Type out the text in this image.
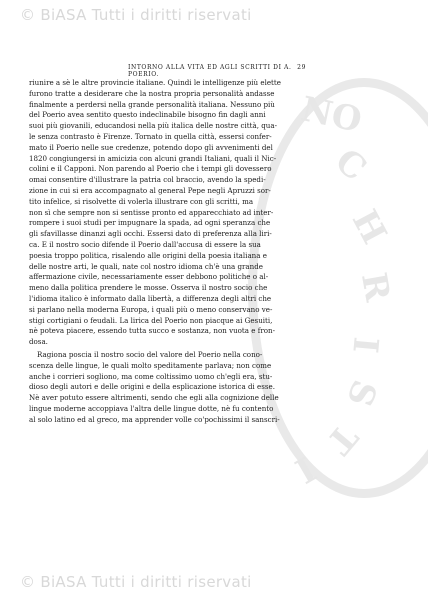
© BiASA Tutti i diritti riservati
NO
C
H
R
I
S
T
I
INTORNO ALLA VITA ED AGLI SCRITTI DI A. POERIO.
29

riunire a sè le altre provincie italiane. Quindi le intelligenze più elette
furono tratte a desiderare che la nostra propria personalità andasse
finalmente a perdersi nella grande personalità italiana. Nessuno più
del Poerio avea sentito questo indeclinabile bisogno fin dagli anni
suoi più giovanili, educandosi nella più italica delle nostre città, qua-
le senza contrasto è Firenze. Tornato in quella città, essersi confer-
mato il Poerio nelle sue credenze, potendo dopo gli avvenimenti del
1820 congiungersi in amicizia con alcuni grandi Italiani, quali il Nic-
colini e il Capponi. Non parendo al Poerio che i tempi gli dovessero
omai consentire d'illustrare la patria col braccio, avendo la spedi-
zione in cui si era accompagnato al general Pepe negli Apruzzi sor-
tito infelice, si risolvette di volerla illustrare con gli scritti, ma
non sì che sempre non si sentisse pronto ed apparecchiato ad inter-
rompere i suoi studi per impugnare la spada, ad ogni speranza che
gli sfavillasse dinanzi agli occhi. Essersi dato di preferenza alla liri-
ca. E il nostro socio difende il Poerio dall'accusa di essere la sua
poesia troppo politica, risalendo alle origini della poesia italiana e
delle nostre arti, le quali, nate col nostro idioma ch'è una grande
affermazione civile, necessariamente esser debbono politiche o al-
meno dalla politica prendere le mosse. Osserva il nostro socio che
l'idioma italico è informato dalla libertà, a differenza degli altri che
si parlano nella moderna Europa, i quali più o meno conservano ve-
stigi cortigiani o feudali. La lirica del Poerio non piacque ai Gesuiti,
nè poteva piacere, essendo tutta succo e sostanza, non vuota e fron-
dosa.

Ragiona poscia il nostro socio del valore del Poerio nella cono-
scenza delle lingue, le quali molto speditamente parlava; non come
anche i corrieri sogliono, ma come coltissimo uomo ch'egli era, stu-
dioso degli autori e delle origini e della esplicazione istorica di esse.
Nè aver potuto essere altrimenti, sendo che egli alla cognizione delle
lingue moderne accoppiava l'altra delle lingue dotte, nè fu contento
al solo latino ed al greco, ma apprender volle co'pochissimi il sanscri-

© BiASA Tutti i diritti riservati
